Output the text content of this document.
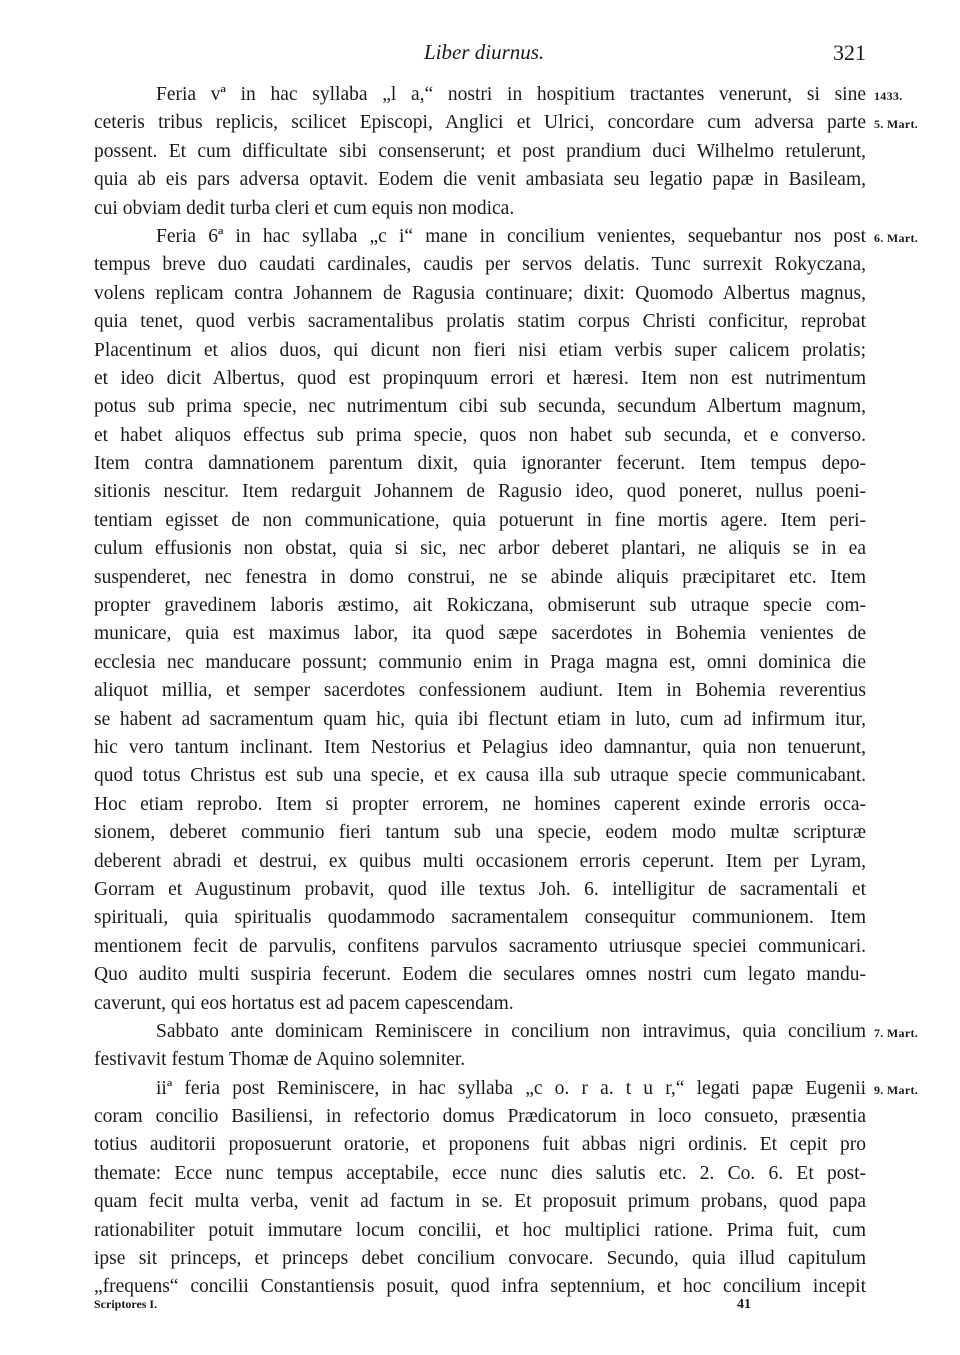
Liber diurnus.	321
Feria vª in hac syllaba „l a,“ nostri in hospitium tractantes venerunt, si sine
ceteris tribus replicis, scilicet Episcopi, Anglici et Ulrici, concordare cum adversa parte
possent. Et cum difficultate sibi consenserunt; et post prandium duci Wilhelmo retulerunt,
quia ab eis pars adversa optavit. Eodem die venit ambasiata seu legatio papæ in Basileam,
cui obviam dedit turba cleri et cum equis non modica.
Feria 6ª in hac syllaba „c i“ mane in concilium venientes, sequebantur nos post
tempus breve duo caudati cardinales, caudis per servos delatis. Tunc surrexit Rokyczana,
volens replicam contra Johannem de Ragusia continuare; dixit: Quomodo Albertus magnus,
quia tenet, quod verbis sacramentalibus prolatis statim corpus Christi conficitur, reprobat
Placentinum et alios duos, qui dicunt non fieri nisi etiam verbis super calicem prolatis;
et ideo dicit Albertus, quod est propinquum errori et hæresi. Item non est nutrimentum
potus sub prima specie, nec nutrimentum cibi sub secunda, secundum Albertum magnum,
et habet aliquos effectus sub prima specie, quos non habet sub secunda, et e converso.
Item contra damnationem parentum dixit, quia ignoranter fecerunt. Item tempus depo-
sitionis nescitur. Item redarguit Johannem de Ragusio ideo, quod poneret, nullus poeni-
tentiam egisset de non communicatione, quia potuerunt in fine mortis agere. Item peri-
culum effusionis non obstat, quia si sic, nec arbor deberet plantari, ne aliquis se in ea
suspenderet, nec fenestra in domo construi, ne se abinde aliquis præcipitaret etc. Item
propter gravedinem laboris æstimo, ait Rokiczana, obmiserunt sub utraque specie com-
municare, quia est maximus labor, ita quod sæpe sacerdotes in Bohemia venientes de
ecclesia nec manducare possunt; communio enim in Praga magna est, omni dominica die
aliquot millia, et semper sacerdotes confessionem audiunt. Item in Bohemia reverentius
se habent ad sacramentum quam hic, quia ibi flectunt etiam in luto, cum ad infirmum itur,
hic vero tantum inclinant. Item Nestorius et Pelagius ideo damnantur, quia non tenuerunt,
quod totus Christus est sub una specie, et ex causa illa sub utraque specie communicabant.
Hoc etiam reprobo. Item si propter errorem, ne homines caperent exinde erroris occa-
sionem, deberet communio fieri tantum sub una specie, eodem modo multæ scripturæ
deberent abradi et destrui, ex quibus multi occasionem erroris ceperunt. Item per Lyram,
Gorram et Augustinum probavit, quod ille textus Joh. 6. intelligitur de sacramentali et
spirituali, quia spiritualis quodammodo sacramentalem consequitur communionem. Item
mentionem fecit de parvulis, confitens parvulos sacramento utriusque speciei communicari.
Quo audito multi suspiria fecerunt. Eodem die seculares omnes nostri cum legato mandu-
caverunt, qui eos hortatus est ad pacem capescendam.
Sabbato ante dominicam Reminiscere in concilium non intravimus, quia concilium
festivavit festum Thomæ de Aquino solemniter.
iiª feria post Reminiscere, in hac syllaba „c o. r a. t u r,“ legati papæ Eugenii
coram concilio Basiliensi, in refectorio domus Prædicatorum in loco consueto, præsentia
totius auditorii proposuerunt oratorie, et proponens fuit abbas nigri ordinis. Et cepit pro
themate: Ecce nunc tempus acceptabile, ecce nunc dies salutis etc. 2. Co. 6. Et post-
quam fecit multa verba, venit ad factum in se. Et proposuit primum probans, quod papa
rationabiliter potuit immutare locum concilii, et hoc multiplici ratione. Prima fuit, cum
ipse sit princeps, et princeps debet concilium convocare. Secundo, quia illud capitulum
„frequens“ concilii Constantiensis posuit, quod infra septennium, et hoc concilium incepit
1433.
5. Mart.
6. Mart.
7. Mart.
9. Mart.
Scriptores I.	41
